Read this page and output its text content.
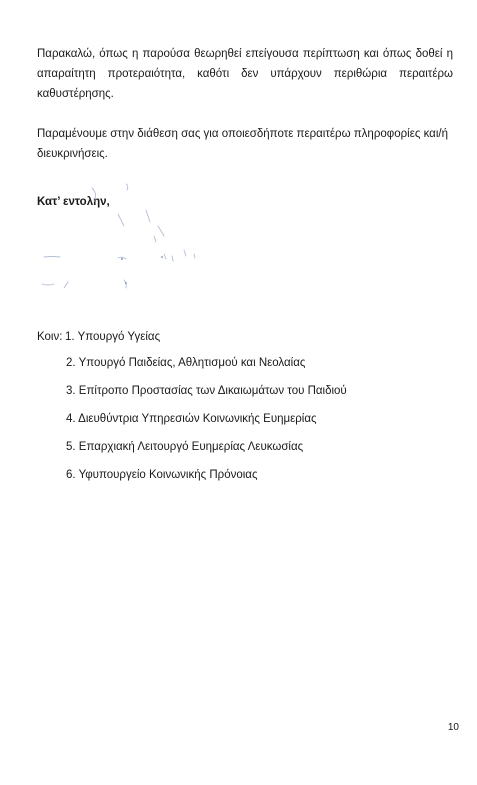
Παρακαλώ, όπως η παρούσα θεωρηθεί επείγουσα περίπτωση και όπως δοθεί η απαραίτητη προτεραιότητα, καθότι δεν υπάρχουν περιθώρια περαιτέρω καθυστέρησης.

Παραμένουμε στην διάθεση σας για οποιεσδήποτε περαιτέρω πληροφορίες και/ή διευκρινήσεις.

Κατ’ εντολην,
Κοιν: 1. Υπουργό Υγείας
2. Υπουργό Παιδείας, Αθλητισμού και Νεολαίας
3. Επίτροπο Προστασίας των Δικαιωμάτων του Παιδιού
4. Διευθύντρια Υπηρεσιών Κοινωνικής Ευημερίας
5. Επαρχιακή Λειτουργό Ευημερίας Λευκωσίας
6. Υφυπουργείο Κοινωνικής Πρόνοιας
10
